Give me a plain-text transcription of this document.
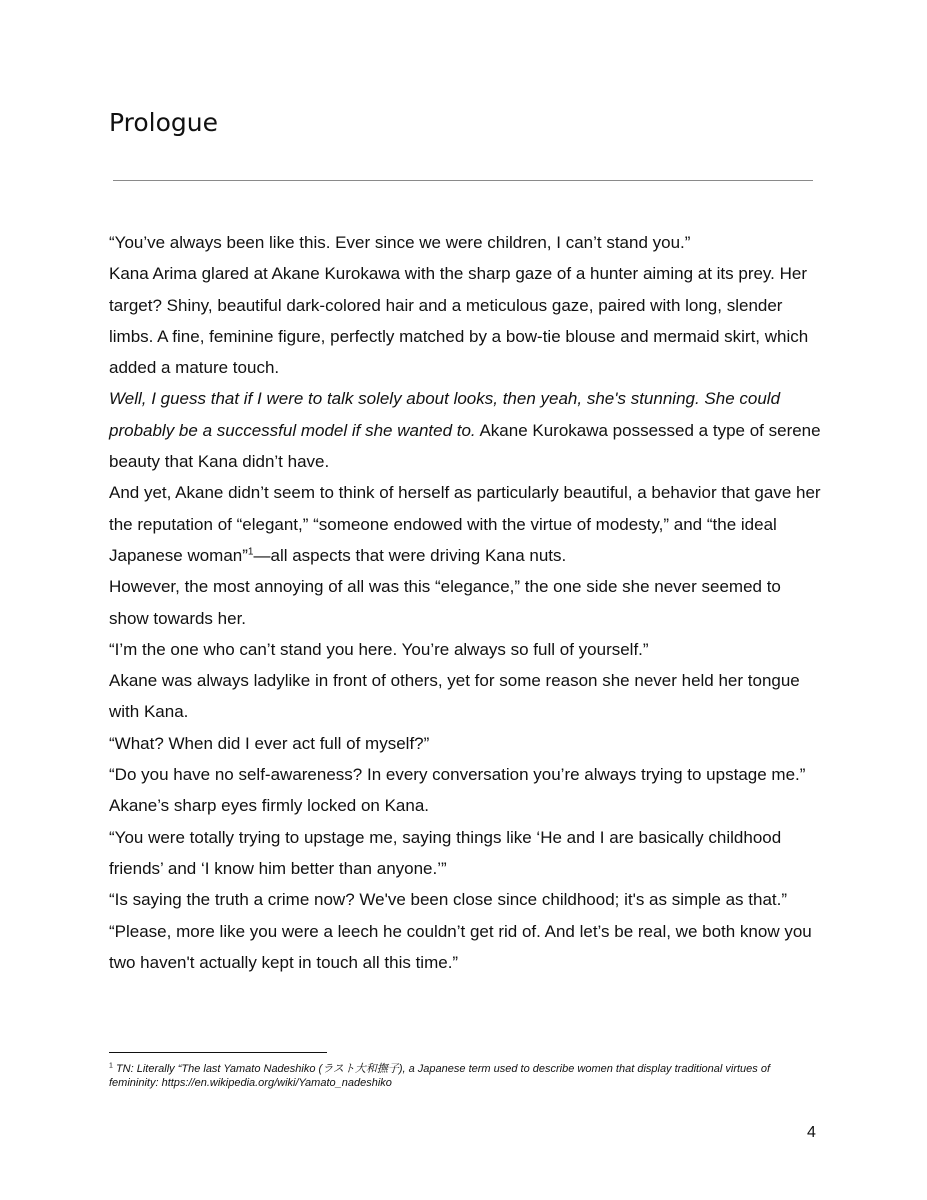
Prologue

“You’ve always been like this. Ever since we were children, I can’t stand you.”

Kana Arima glared at Akane Kurokawa with the sharp gaze of a hunter aiming at its prey. Her target? Shiny, beautiful dark-colored hair and a meticulous gaze, paired with long, slender limbs. A fine, feminine figure, perfectly matched by a bow-tie blouse and mermaid skirt, which added a mature touch.

Well, I guess that if I were to talk solely about looks, then yeah, she's stunning. She could probably be a successful model if she wanted to. Akane Kurokawa possessed a type of serene beauty that Kana didn’t have.

And yet, Akane didn’t seem to think of herself as particularly beautiful, a behavior that gave her the reputation of “elegant,” “someone endowed with the virtue of modesty,” and “the ideal Japanese woman”$^1$—all aspects that were driving Kana nuts.

However, the most annoying of all was this “elegance,” the one side she never seemed to show towards her.

“I’m the one who can’t stand you here. You’re always so full of yourself.”

Akane was always ladylike in front of others, yet for some reason she never held her tongue with Kana.

“What? When did I ever act full of myself?”

“Do you have no self-awareness? In every conversation you’re always trying to upstage me.”

Akane’s sharp eyes firmly locked on Kana.

“You were totally trying to upstage me, saying things like ‘He and I are basically childhood friends’ and ‘I know him better than anyone.’”

“Is saying the truth a crime now? We've been close since childhood; it's as simple as that.”

“Please, more like you were a leech he couldn’t get rid of. And let’s be real, we both know you two haven't actually kept in touch all this time.”

$^1$ TN: Literally “The last Yamato Nadeshiko (ラスト大和撫子), a Japanese term used to describe women that display traditional virtues of femininity: https://en.wikipedia.org/wiki/Yamato_nadeshiko
4
